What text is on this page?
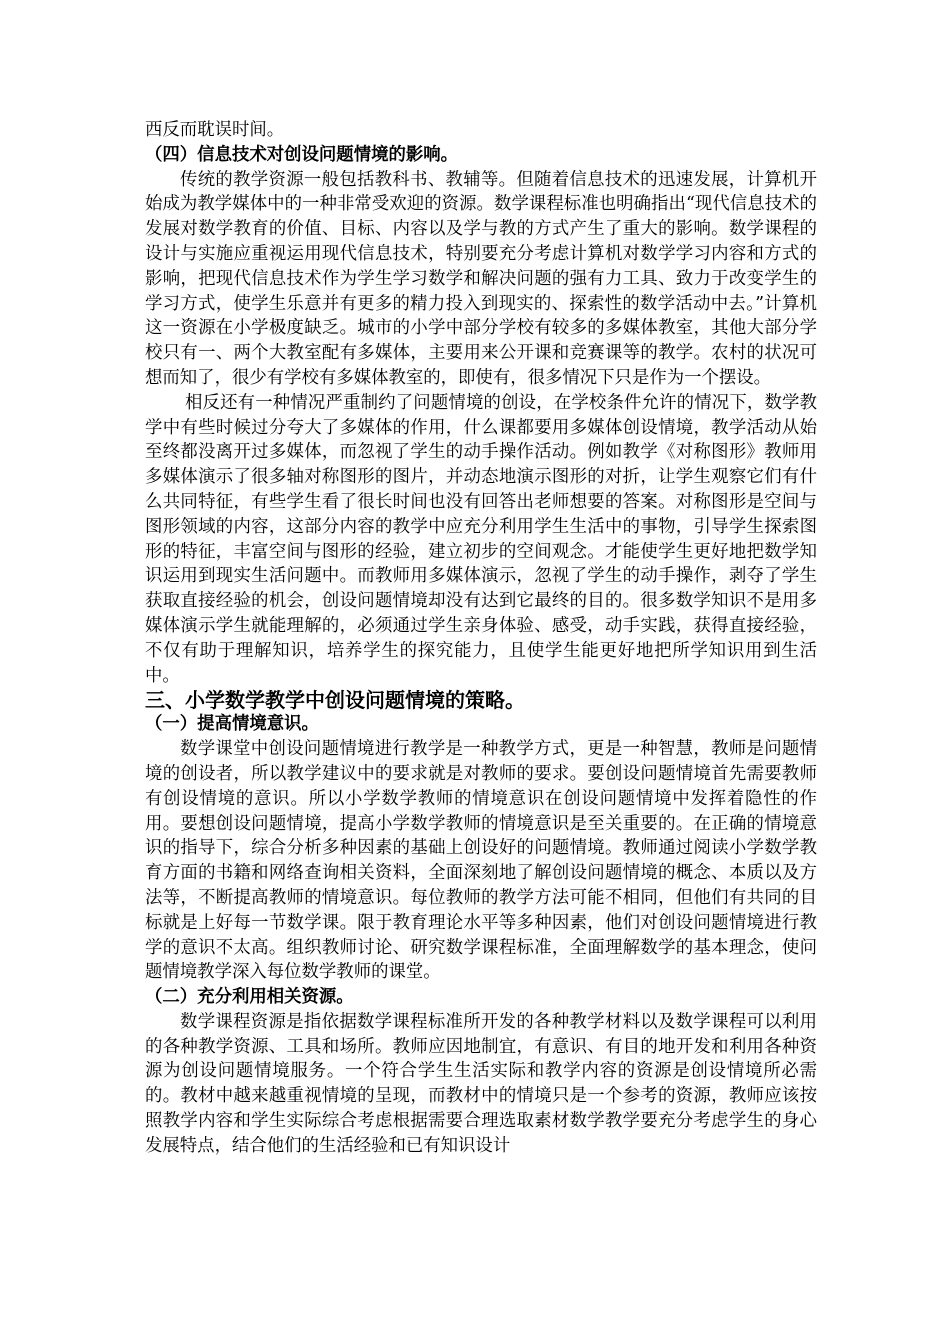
西反而耽误时间。

（四）信息技术对创设问题情境的影响。

传统的教学资源一般包括教科书、教辅等。但随着信息技术的迅速发展，计算机开始成为教学媒体中的一种非常受欢迎的资源。数学课程标准也明确指出“现代信息技术的发展对数学教育的价值、目标、内容以及学与教的方式产生了重大的影响。数学课程的设计与实施应重视运用现代信息技术，特别要充分考虑计算机对数学学习内容和方式的影响，把现代信息技术作为学生学习数学和解决问题的强有力工具、致力于改变学生的学习方式，使学生乐意并有更多的精力投入到现实的、探索性的数学活动中去。”计算机这一资源在小学极度缺乏。城市的小学中部分学校有较多的多媒体教室，其他大部分学校只有一、两个大教室配有多媒体，主要用来公开课和竞赛课等的教学。农村的状况可想而知了，很少有学校有多媒体教室的，即使有，很多情况下只是作为一个摆设。

相反还有一种情况严重制约了问题情境的创设，在学校条件允许的情况下，数学教学中有些时候过分夸大了多媒体的作用，什么课都要用多媒体创设情境，教学活动从始至终都没离开过多媒体，而忽视了学生的动手操作活动。例如教学《对称图形》教师用多媒体演示了很多轴对称图形的图片，并动态地演示图形的对折，让学生观察它们有什么共同特征，有些学生看了很长时间也没有回答出老师想要的答案。对称图形是空间与图形领域的内容，这部分内容的教学中应充分利用学生生活中的事物，引导学生探索图形的特征，丰富空间与图形的经验，建立初步的空间观念。才能使学生更好地把数学知识运用到现实生活问题中。而教师用多媒体演示，忽视了学生的动手操作，剥夺了学生获取直接经验的机会，创设问题情境却没有达到它最终的目的。很多数学知识不是用多媒体演示学生就能理解的，必须通过学生亲身体验、感受，动手实践，获得直接经验，不仅有助于理解知识，培养学生的探究能力，且使学生能更好地把所学知识用到生活中。

三、小学数学教学中创设问题情境的策略。

（一）提高情境意识。

数学课堂中创设问题情境进行教学是一种教学方式，更是一种智慧，教师是问题情境的创设者，所以教学建议中的要求就是对教师的要求。要创设问题情境首先需要教师有创设情境的意识。所以小学数学教师的情境意识在创设问题情境中发挥着隐性的作用。要想创设问题情境，提高小学数学教师的情境意识是至关重要的。在正确的情境意识的指导下，综合分析多种因素的基础上创设好的问题情境。教师通过阅读小学数学教育方面的书籍和网络查询相关资料，全面深刻地了解创设问题情境的概念、本质以及方法等，不断提高教师的情境意识。每位教师的教学方法可能不相同，但他们有共同的目标就是上好每一节数学课。限于教育理论水平等多种因素，他们对创设问题情境进行教学的意识不太高。组织教师讨论、研究数学课程标准，全面理解数学的基本理念，使问题情境教学深入每位数学教师的课堂。

（二）充分利用相关资源。

数学课程资源是指依据数学课程标准所开发的各种教学材料以及数学课程可以利用的各种教学资源、工具和场所。教师应因地制宜，有意识、有目的地开发和利用各种资源为创设问题情境服务。一个符合学生生活实际和教学内容的资源是创设情境所必需的。教材中越来越重视情境的呈现，而教材中的情境只是一个参考的资源，教师应该按照教学内容和学生实际综合考虑根据需要合理选取素材数学教学要充分考虑学生的身心发展特点，结合他们的生活经验和已有知识设计
